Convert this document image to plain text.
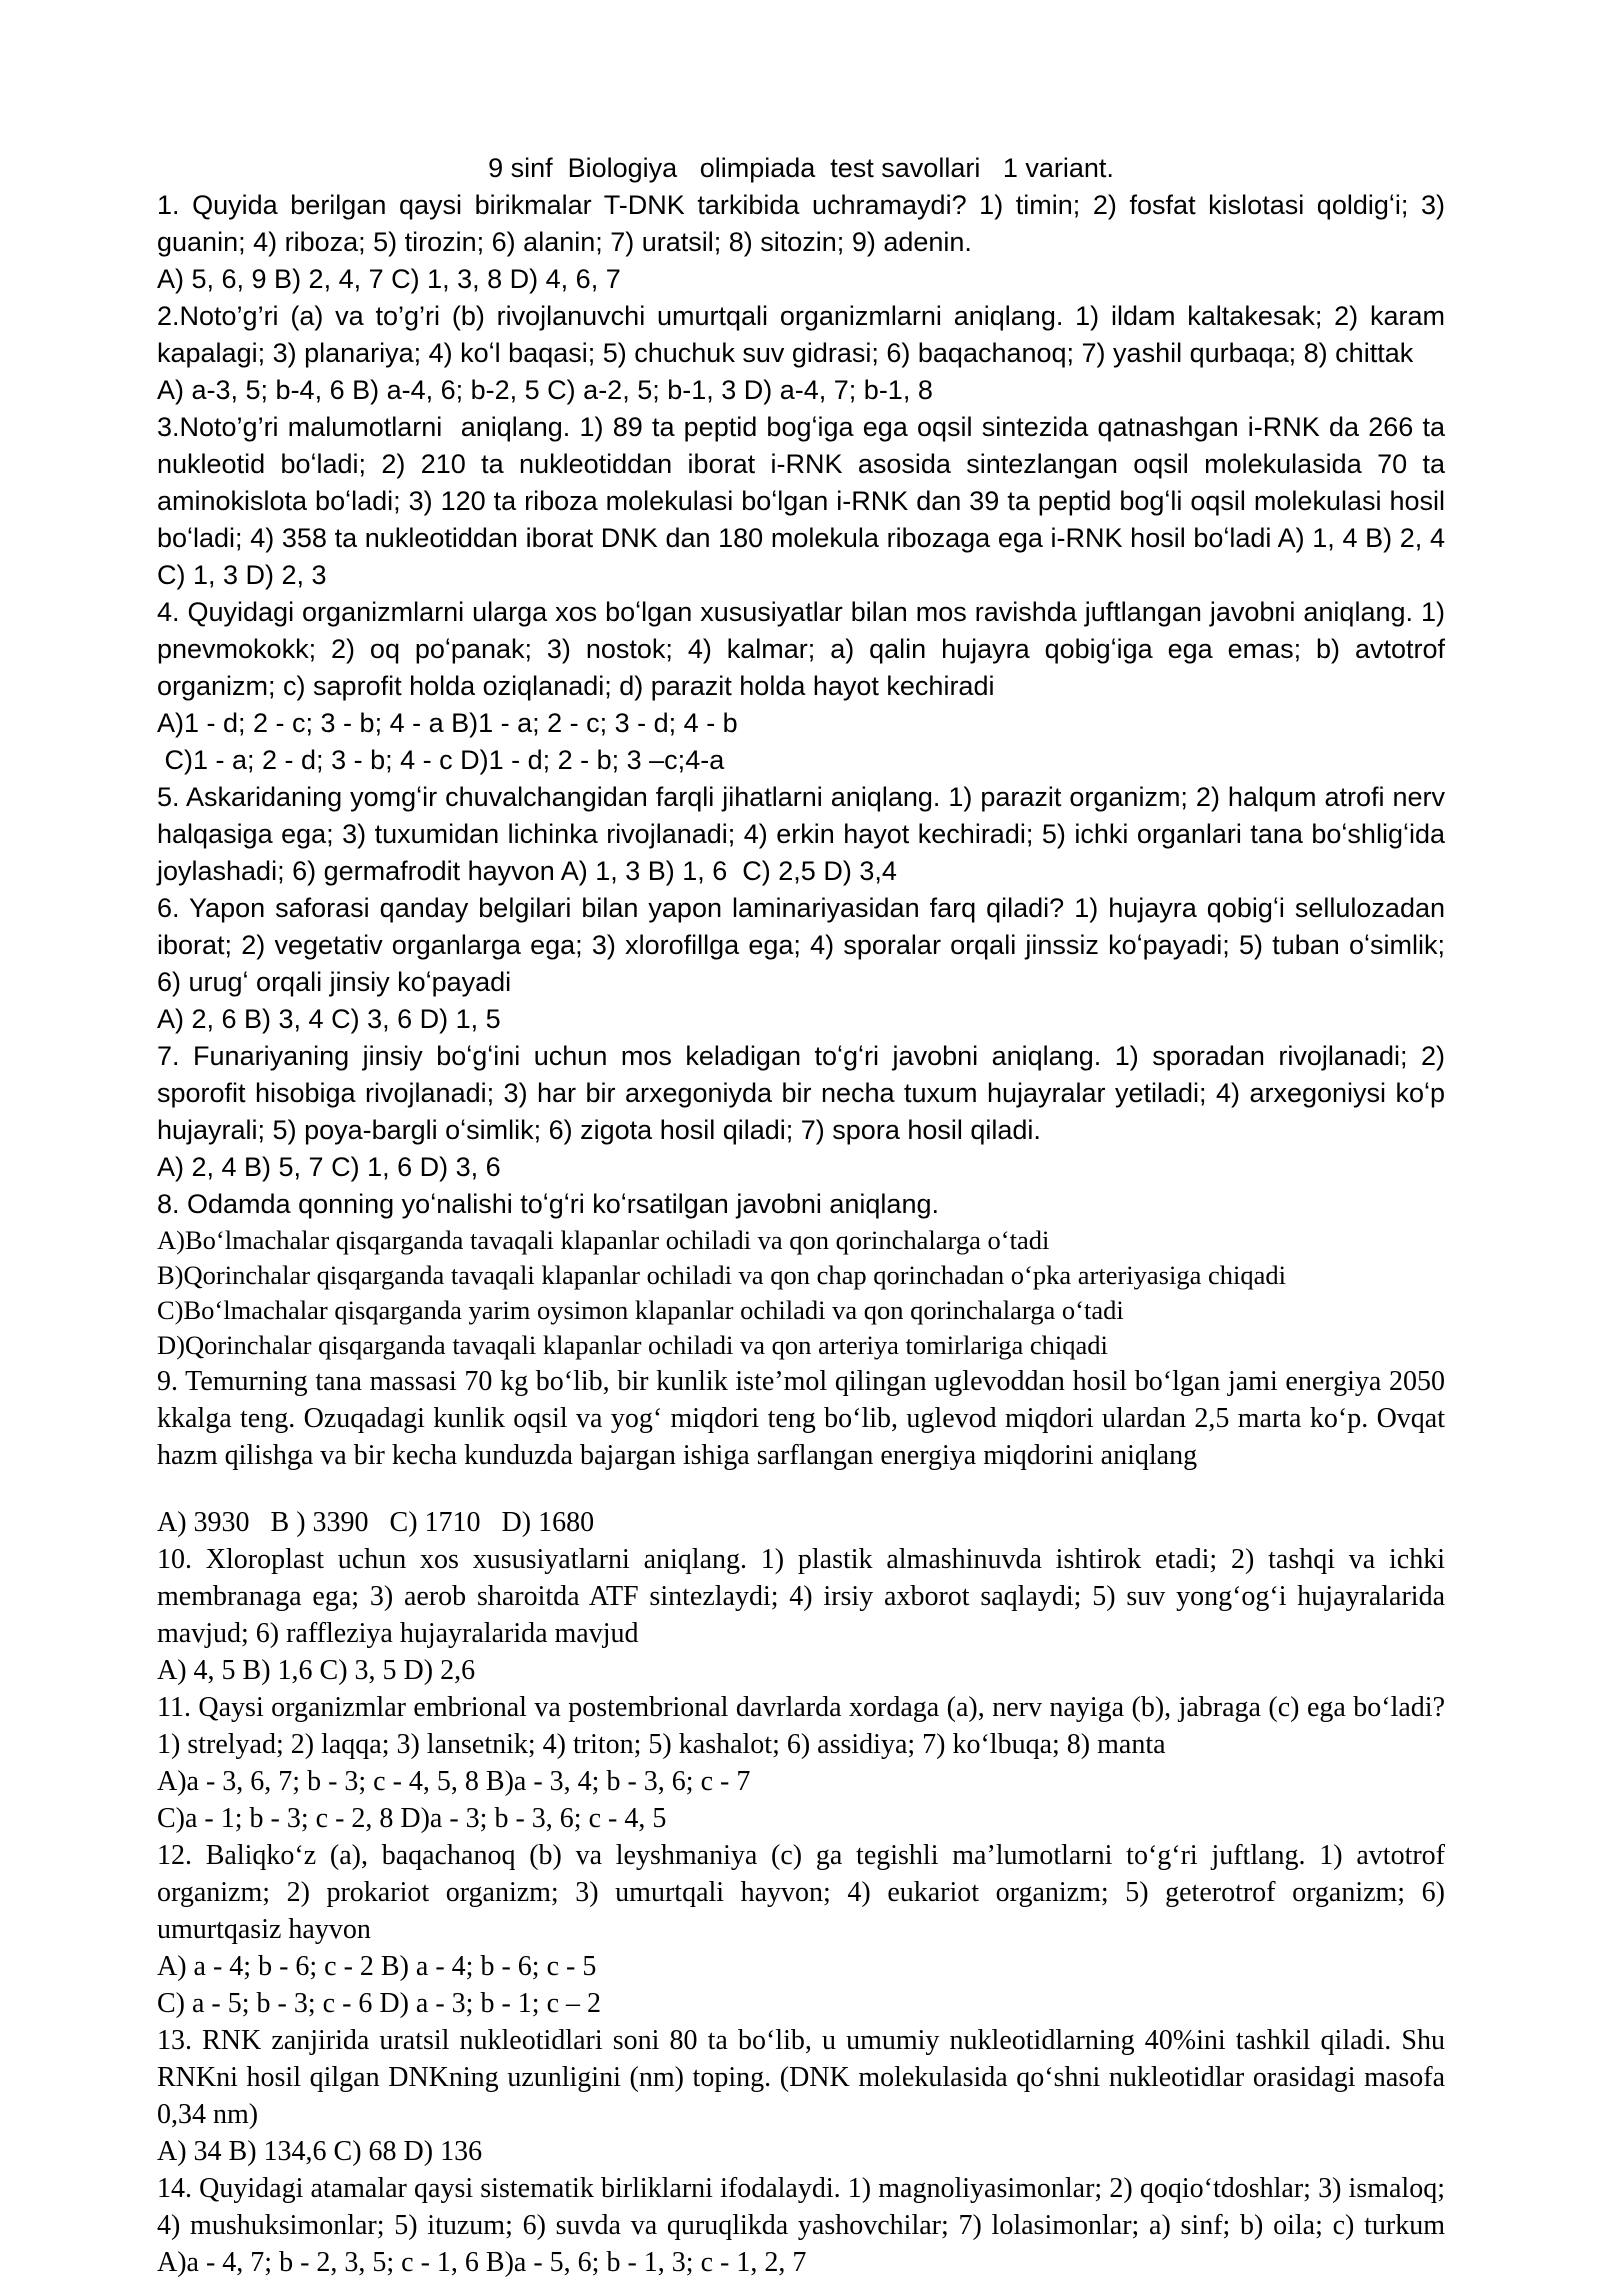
9 sinf  Biologiya   olimpiada  test savollari   1 variant.

1. Quyida berilgan qaysi birikmalar T-DNK tarkibida uchramaydi? 1) timin; 2) fosfat kislotasi qoldigʻi; 3) guanin; 4) riboza; 5) tirozin; 6) alanin; 7) uratsil; 8) sitozin; 9) adenin.

A) 5, 6, 9 B) 2, 4, 7 C) 1, 3, 8 D) 4, 6, 7

2.Noto’g’ri (a) va to’g’ri (b) rivojlanuvchi umurtqali organizmlarni aniqlang. 1) ildam kaltakesak; 2) karam kapalagi; 3) planariya; 4) koʻl baqasi; 5) chuchuk suv gidrasi; 6) baqachanoq; 7) yashil qurbaqa; 8) chittak

A) a-3, 5; b-4, 6 B) a-4, 6; b-2, 5 C) a-2, 5; b-1, 3 D) a-4, 7; b-1, 8

3.Noto’g’ri malumotlarni  aniqlang. 1) 89 ta peptid bogʻiga ega oqsil sintezida qatnashgan i-RNK da 266 ta nukleotid boʻladi; 2) 210 ta nukleotiddan iborat i-RNK asosida sintezlangan oqsil molekulasida 70 ta aminokislota boʻladi; 3) 120 ta riboza molekulasi boʻlgan i-RNK dan 39 ta peptid bogʻli oqsil molekulasi hosil boʻladi; 4) 358 ta nukleotiddan iborat DNK dan 180 molekula ribozaga ega i-RNK hosil boʻladi A) 1, 4 B) 2, 4 C) 1, 3 D) 2, 3

4. Quyidagi organizmlarni ularga xos boʻlgan xususiyatlar bilan mos ravishda juftlangan javobni aniqlang. 1) pnevmokokk; 2) oq poʻpanak; 3) nostok; 4) kalmar; a) qalin hujayra qobigʻiga ega emas; b) avtotrof organizm; c) saprofit holda oziqlanadi; d) parazit holda hayot kechiradi

A)1 - d; 2 - c; 3 - b; 4 - a B)1 - a; 2 - c; 3 - d; 4 - b

C)1 - a; 2 - d; 3 - b; 4 - c D)1 - d; 2 - b; 3 –c;4-a

5. Askaridaning yomgʻir chuvalchangidan farqli jihatlarni aniqlang. 1) parazit organizm; 2) halqum atrofi nerv halqasiga ega; 3) tuxumidan lichinka rivojlanadi; 4) erkin hayot kechiradi; 5) ichki organlari tana boʻshligʻida joylashadi; 6) germafrodit hayvon A) 1, 3 B) 1, 6  C) 2,5 D) 3,4

6. Yapon saforasi qanday belgilari bilan yapon laminariyasidan farq qiladi? 1) hujayra qobigʻi sellulozadan iborat; 2) vegetativ organlarga ega; 3) xlorofillga ega; 4) sporalar orqali jinssiz koʻpayadi; 5) tuban oʻsimlik; 6) urugʻ orqali jinsiy koʻpayadi

A) 2, 6 B) 3, 4 C) 3, 6 D) 1, 5

7. Funariyaning jinsiy boʻgʻini uchun mos keladigan toʻgʻri javobni aniqlang. 1) sporadan rivojlanadi; 2) sporofit hisobiga rivojlanadi; 3) har bir arxegoniyda bir necha tuxum hujayralar yetiladi; 4) arxegoniysi koʻp hujayrali; 5) poya-bargli oʻsimlik; 6) zigota hosil qiladi; 7) spora hosil qiladi.

A) 2, 4 B) 5, 7 C) 1, 6 D) 3, 6

8. Odamda qonning yoʻnalishi toʻgʻri koʻrsatilgan javobni aniqlang.

A)Boʻlmachalar qisqarganda tavaqali klapanlar ochiladi va qon qorinchalarga oʻtadi

B)Qorinchalar qisqarganda tavaqali klapanlar ochiladi va qon chap qorinchadan oʻpka arteriyasiga chiqadi

C)Boʻlmachalar qisqarganda yarim oysimon klapanlar ochiladi va qon qorinchalarga oʻtadi

D)Qorinchalar qisqarganda tavaqali klapanlar ochiladi va qon arteriya tomirlariga chiqadi

9. Temurning tana massasi 70 kg boʻlib, bir kunlik iste’mol qilingan uglevoddan hosil boʻlgan jami energiya 2050 kkalga teng. Ozuqadagi kunlik oqsil va yogʻ miqdori teng boʻlib, uglevod miqdori ulardan 2,5 marta koʻp. Ovqat hazm qilishga va bir kecha kunduzda bajargan ishiga sarflangan energiya miqdorini aniqlang

A) 3930   B ) 3390   C) 1710   D) 1680

10. Xloroplast uchun xos xususiyatlarni aniqlang. 1) plastik almashinuvda ishtirok etadi; 2) tashqi va ichki membranaga ega; 3) aerob sharoitda ATF sintezlaydi; 4) irsiy axborot saqlaydi; 5) suv yongʻogʻi hujayralarida mavjud; 6) raffleziya hujayralarida mavjud

A) 4, 5 B) 1,6 C) 3, 5 D) 2,6

11. Qaysi organizmlar embrional va postembrional davrlarda xordaga (a), nerv nayiga (b), jabraga (c) ega boʻladi? 1) strelyad; 2) laqqa; 3) lansetnik; 4) triton; 5) kashalot; 6) assidiya; 7) koʻlbuqa; 8) manta

A)a - 3, 6, 7; b - 3; c - 4, 5, 8 B)a - 3, 4; b - 3, 6; c - 7

C)a - 1; b - 3; c - 2, 8 D)a - 3; b - 3, 6; c - 4, 5

12. Baliqkoʻz (a), baqachanoq (b) va leyshmaniya (c) ga tegishli ma’lumotlarni toʻgʻri juftlang. 1) avtotrof organizm; 2) prokariot organizm; 3) umurtqali hayvon; 4) eukariot organizm; 5) geterotrof organizm; 6) umurtqasiz hayvon

A) a - 4; b - 6; c - 2 B) a - 4; b - 6; c - 5

C) a - 5; b - 3; c - 6 D) a - 3; b - 1; c – 2

13. RNK zanjirida uratsil nukleotidlari soni 80 ta boʻlib, u umumiy nukleotidlarning 40%ini tashkil qiladi. Shu RNKni hosil qilgan DNKning uzunligini (nm) toping. (DNK molekulasida qoʻshni nukleotidlar orasidagi masofa 0,34 nm)

A) 34 B) 134,6 C) 68 D) 136

14. Quyidagi atamalar qaysi sistematik birliklarni ifodalaydi. 1) magnoliyasimonlar; 2) qoqioʻtdoshlar; 3) ismaloq; 4) mushuksimonlar; 5) ituzum; 6) suvda va quruqlikda yashovchilar; 7) lolasimonlar; a) sinf; b) oila; c) turkum A)a - 4, 7; b - 2, 3, 5; c - 1, 6 B)a - 5, 6; b - 1, 3; c - 1, 2, 7
